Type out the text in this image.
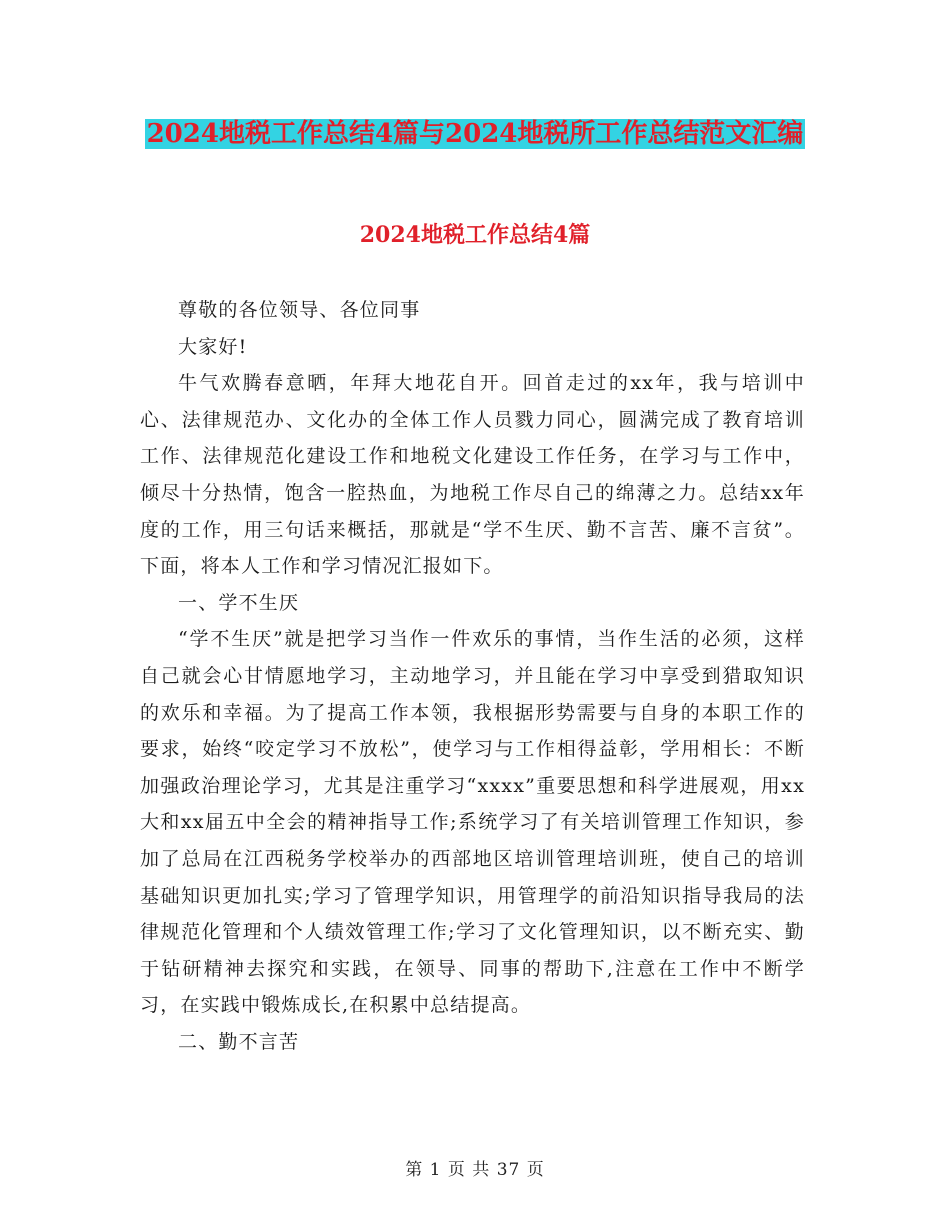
2024地税工作总结4篇与2024地税所工作总结范文汇编
2024地税工作总结4篇

尊敬的各位领导、各位同事

大家好!

牛气欢腾春意晒，年拜大地花自开。回首走过的xx年，我与培训中心、法律规范办、文化办的全体工作人员戮力同心，圆满完成了教育培训工作、法律规范化建设工作和地税文化建设工作任务，在学习与工作中，倾尽十分热情，饱含一腔热血，为地税工作尽自己的绵薄之力。总结xx年度的工作，用三句话来概括，那就是“学不生厌、勤不言苦、廉不言贫”。下面，将本人工作和学习情况汇报如下。

一、学不生厌

“学不生厌”就是把学习当作一件欢乐的事情，当作生活的必须，这样自己就会心甘情愿地学习，主动地学习，并且能在学习中享受到猎取知识的欢乐和幸福。为了提高工作本领，我根据形势需要与自身的本职工作的要求，始终“咬定学习不放松”，使学习与工作相得益彰，学用相长：不断加强政治理论学习，尤其是注重学习“xxxx”重要思想和科学进展观，用xx大和xx届五中全会的精神指导工作;系统学习了有关培训管理工作知识，参加了总局在江西税务学校举办的西部地区培训管理培训班，使自己的培训基础知识更加扎实;学习了管理学知识，用管理学的前沿知识指导我局的法律规范化管理和个人绩效管理工作;学习了文化管理知识，以不断充实、勤于钻研精神去探究和实践，在领导、同事的帮助下,注意在工作中不断学习，在实践中锻炼成长,在积累中总结提高。

二、勤不言苦

第 1 页 共 37 页
